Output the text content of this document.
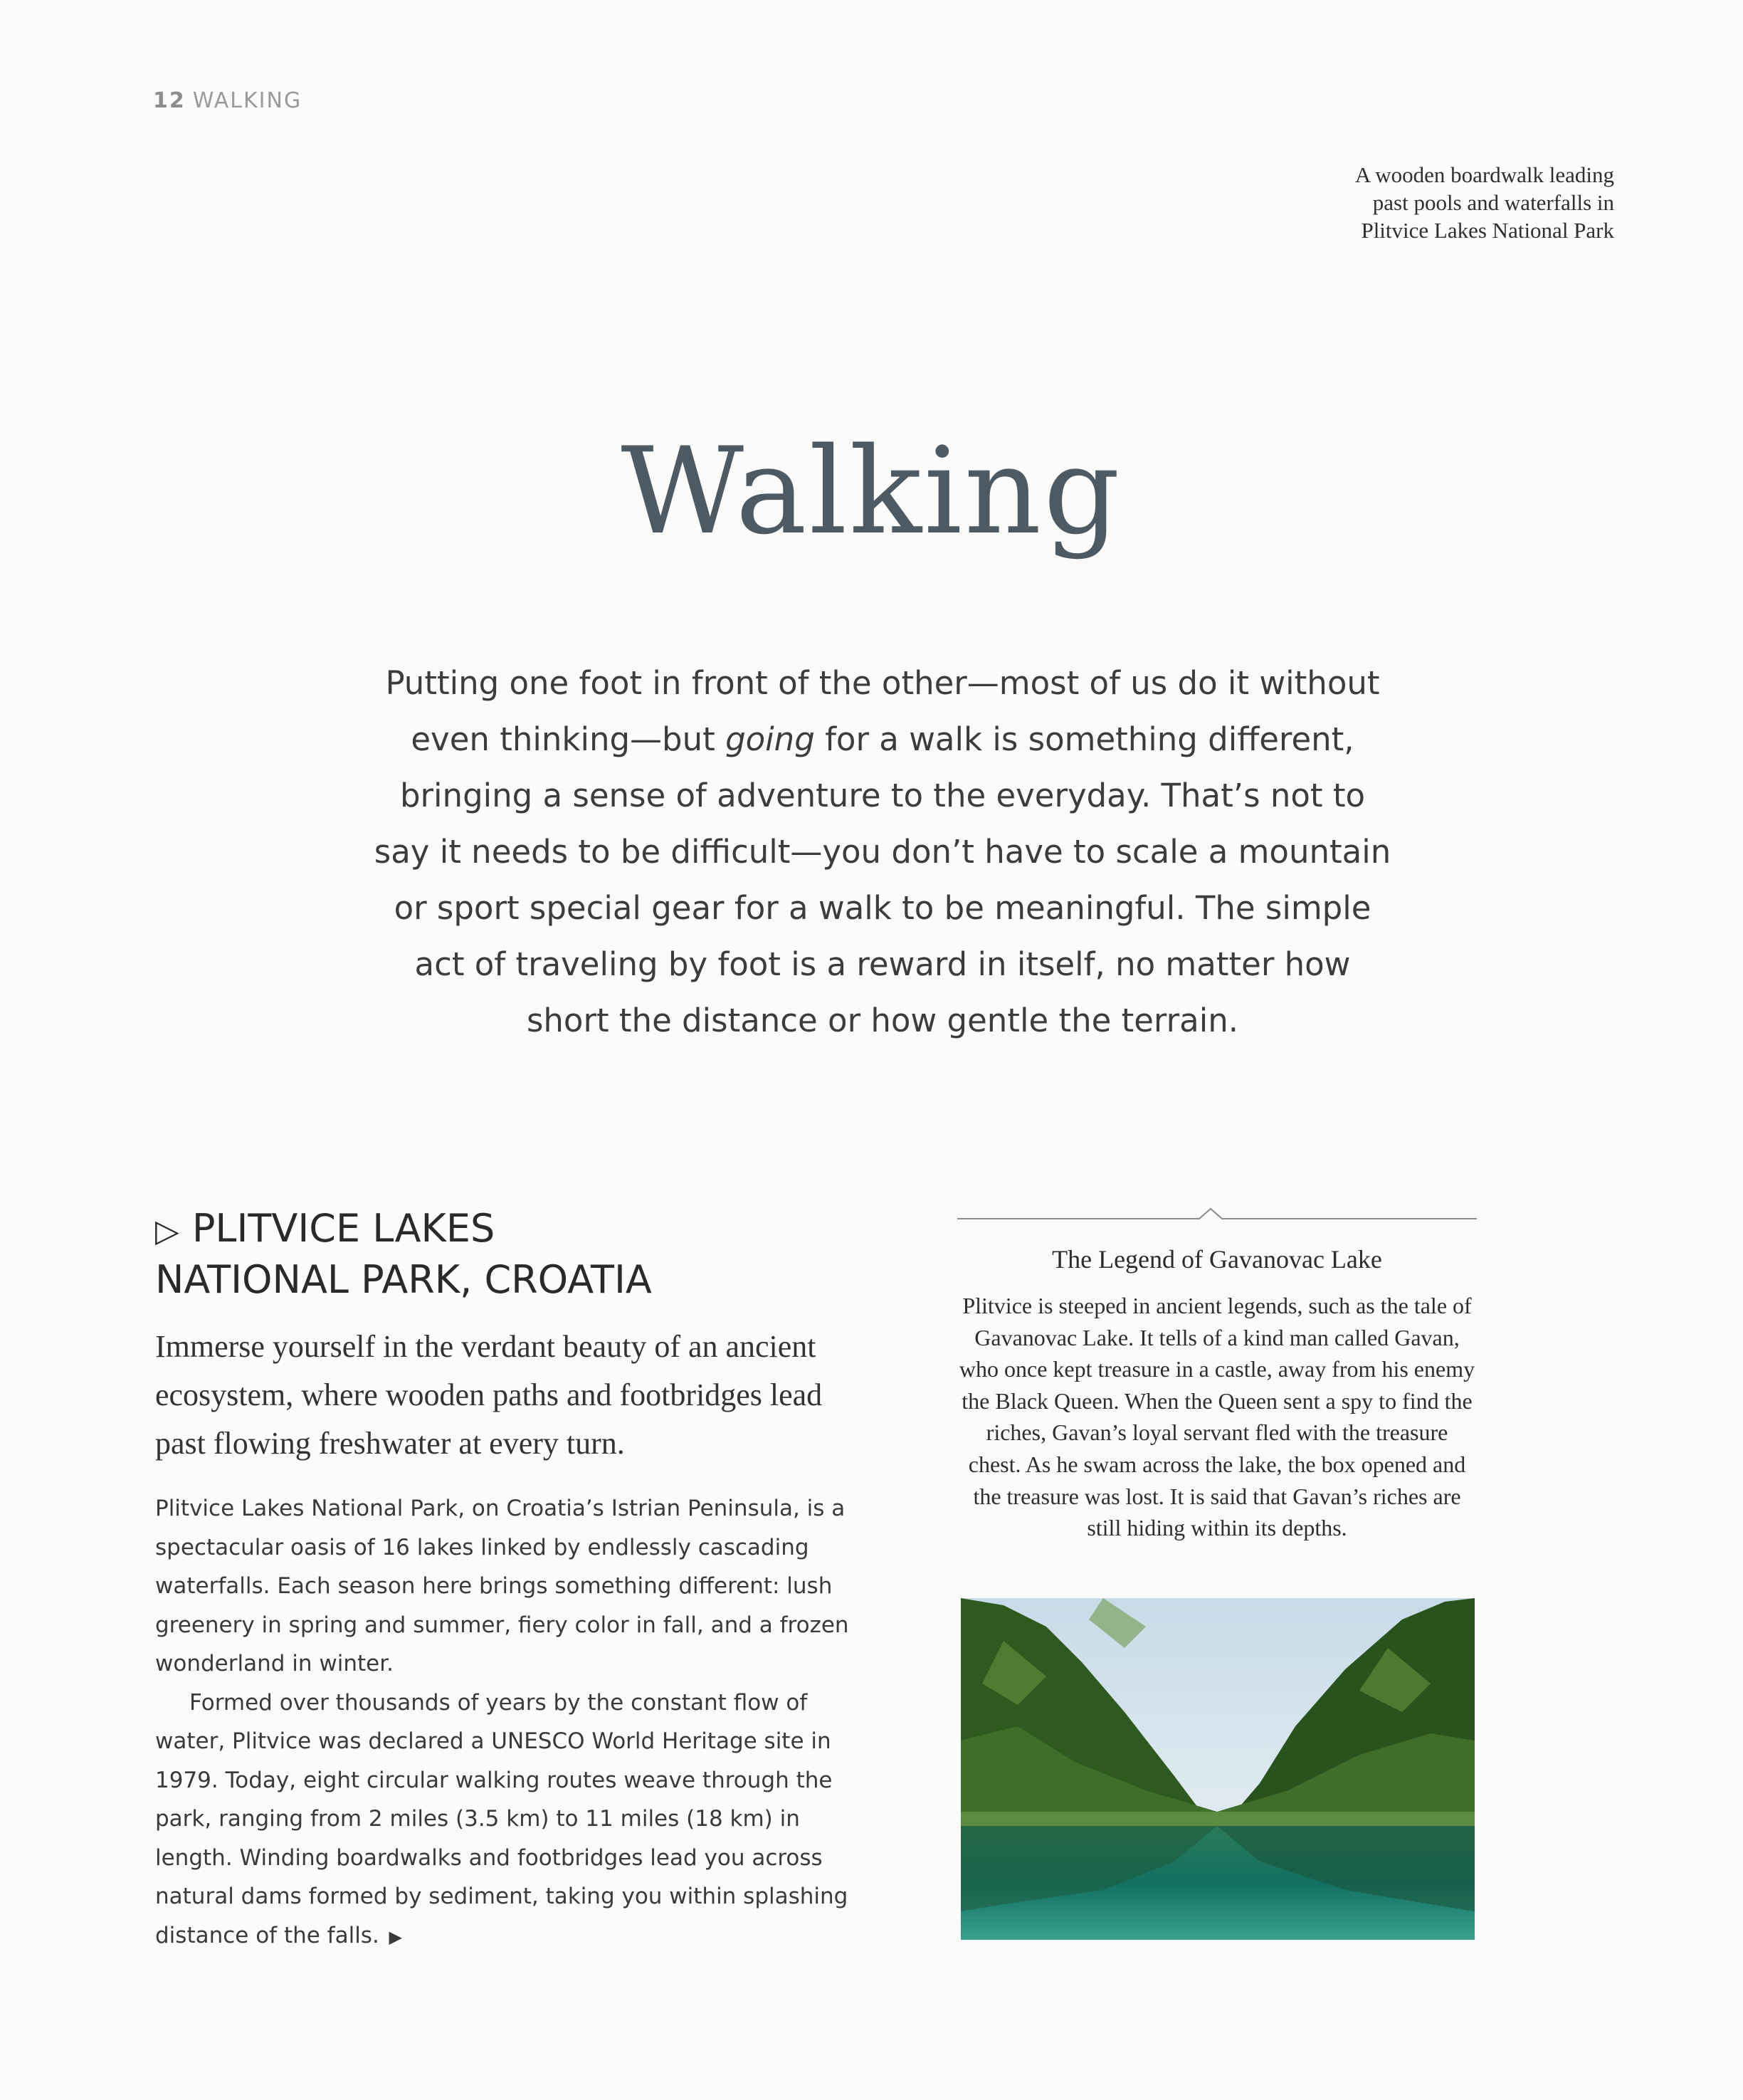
12 WALKING
A wooden boardwalk leading past pools and waterfalls in Plitvice Lakes National Park
Walking
Putting one foot in front of the other—most of us do it without even thinking—but going for a walk is something different, bringing a sense of adventure to the everyday. That’s not to say it needs to be difficult—you don’t have to scale a mountain or sport special gear for a walk to be meaningful. The simple act of traveling by foot is a reward in itself, no matter how short the distance or how gentle the terrain.
▷ PLITVICE LAKES
NATIONAL PARK, CROATIA
Immerse yourself in the verdant beauty of an ancient ecosystem, where wooden paths and footbridges lead past flowing freshwater at every turn.

Plitvice Lakes National Park, on Croatia’s Istrian Peninsula, is a spectacular oasis of 16 lakes linked by endlessly cascading waterfalls. Each season here brings something different: lush greenery in spring and summer, fiery color in fall, and a frozen wonderland in winter.

Formed over thousands of years by the constant flow of water, Plitvice was declared a UNESCO World Heritage site in 1979. Today, eight circular walking routes weave through the park, ranging from 2 miles (3.5 km) to 11 miles (18 km) in length. Winding boardwalks and footbridges lead you across natural dams formed by sediment, taking you within splashing distance of the falls. ▶

The Legend of Gavanovac Lake
Plitvice is steeped in ancient legends, such as the tale of Gavanovac Lake. It tells of a kind man called Gavan, who once kept treasure in a castle, away from his enemy the Black Queen. When the Queen sent a spy to find the riches, Gavan’s loyal servant fled with the treasure chest. As he swam across the lake, the box opened and the treasure was lost. It is said that Gavan’s riches are still hiding within its depths.
